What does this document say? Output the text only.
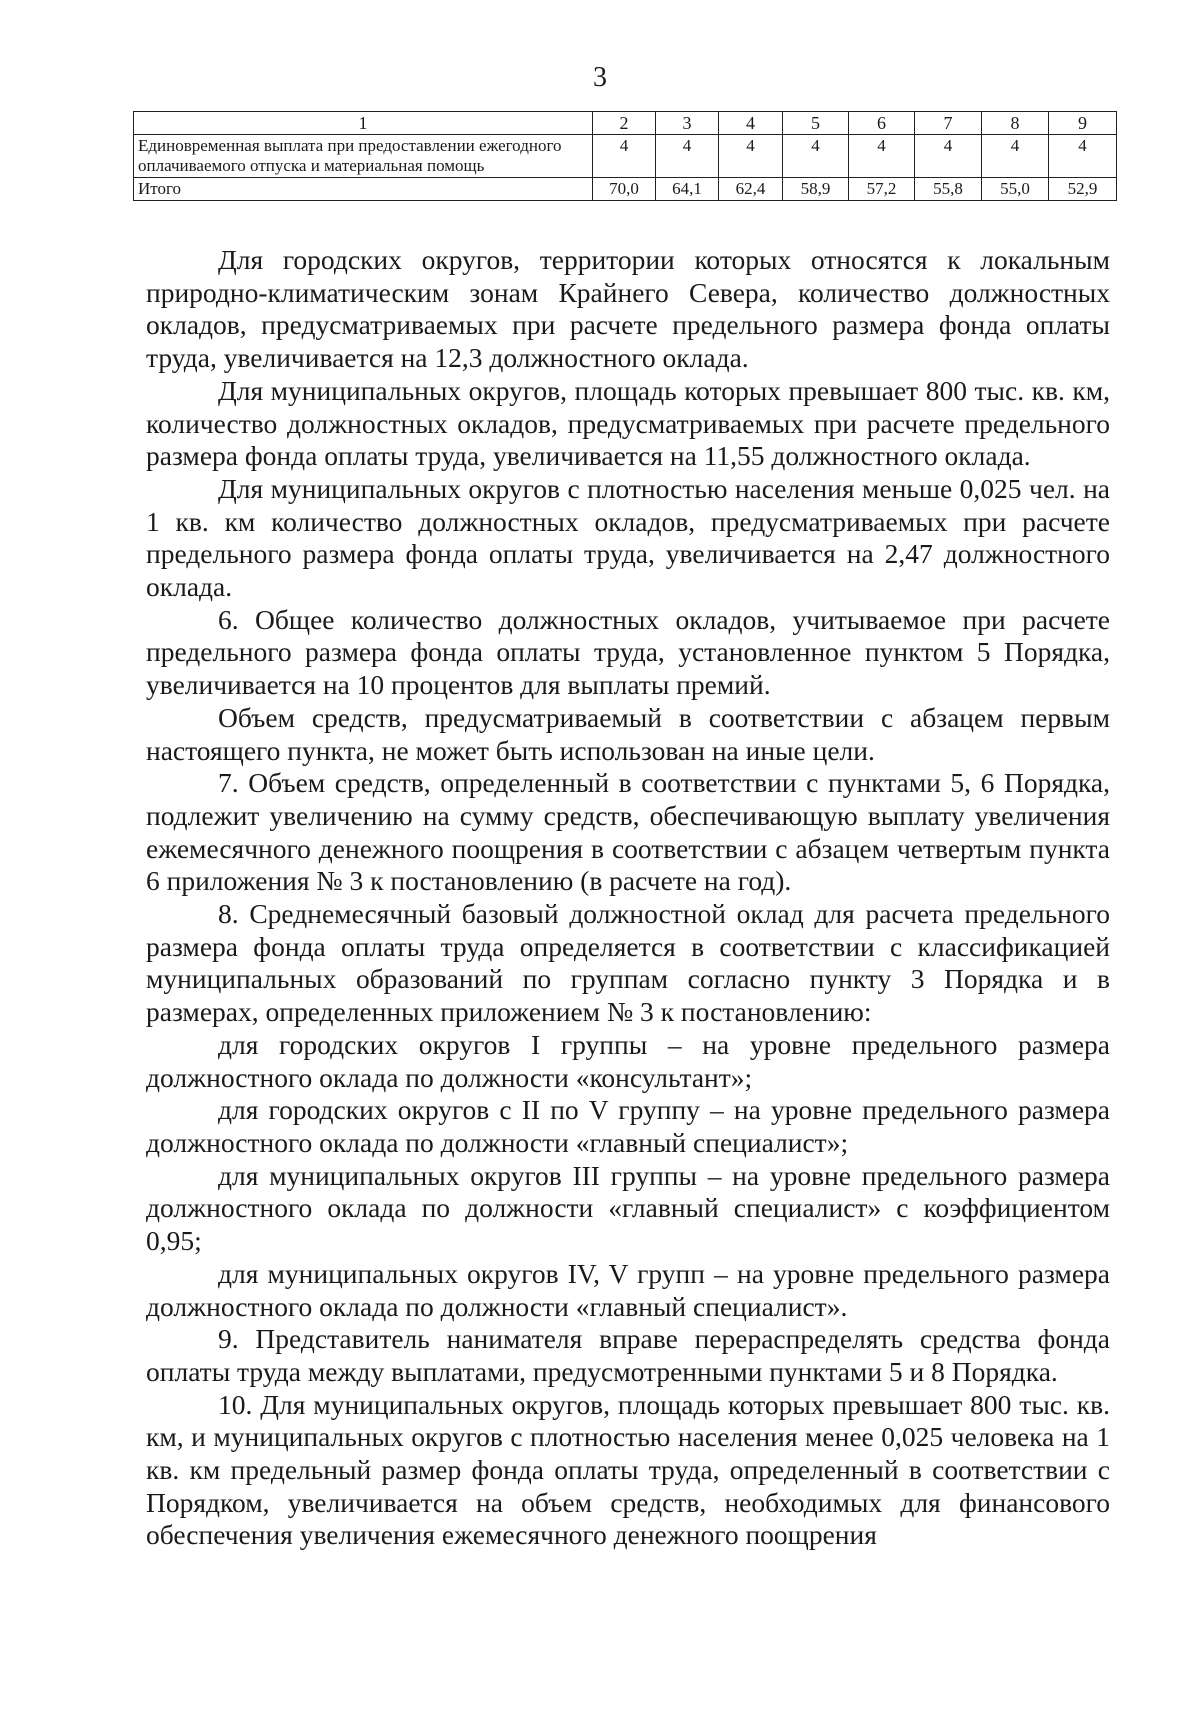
3
1	2	3	4	5	6	7	8	9
Единовременная выплата при предоставлении ежегодного оплачиваемого отпуска и материальная помощь	4	4	4	4	4	4	4	4
Итого	70,0	64,1	62,4	58,9	57,2	55,8	55,0	52,9

Для городских округов, территории которых относятся к локальным природно-климатическим зонам Крайнего Севера, количество должностных окладов, предусматриваемых при расчете предельного размера фонда оплаты труда, увеличивается на 12,3 должностного оклада.

Для муниципальных округов, площадь которых превышает 800 тыс. кв. км, количество должностных окладов, предусматриваемых при расчете предельного размера фонда оплаты труда, увеличивается на 11,55 должностного оклада.

Для муниципальных округов с плотностью населения меньше 0,025 чел. на 1 кв. км количество должностных окладов, предусматриваемых при расчете предельного размера фонда оплаты труда, увеличивается на 2,47 должностного оклада.

6. Общее количество должностных окладов, учитываемое при расчете предельного размера фонда оплаты труда, установленное пунктом 5 Порядка, увеличивается на 10 процентов для выплаты премий.

Объем средств, предусматриваемый в соответствии с абзацем первым настоящего пункта, не может быть использован на иные цели.

7. Объем средств, определенный в соответствии с пунктами 5, 6 Порядка, подлежит увеличению на сумму средств, обеспечивающую выплату увеличения ежемесячного денежного поощрения в соответствии с абзацем четвертым пункта 6 приложения № 3 к постановлению (в расчете на год).

8. Среднемесячный базовый должностной оклад для расчета предельного размера фонда оплаты труда определяется в соответствии с классификацией муниципальных образований по группам согласно пункту 3 Порядка и в размерах, определенных приложением № 3 к постановлению:

для городских округов I группы – на уровне предельного размера должностного оклада по должности «консультант»;

для городских округов с II по V группу – на уровне предельного размера должностного оклада по должности «главный специалист»;

для муниципальных округов III группы – на уровне предельного размера должностного оклада по должности «главный специалист» с коэффициентом 0,95;

для муниципальных округов IV, V групп – на уровне предельного размера должностного оклада по должности «главный специалист».

9. Представитель нанимателя вправе перераспределять средства фонда оплаты труда между выплатами, предусмотренными пунктами 5 и 8 Порядка.

10. Для муниципальных округов, площадь которых превышает 800 тыс. кв. км, и муниципальных округов с плотностью населения менее 0,025 человека на 1 кв. км предельный размер фонда оплаты труда, определенный в соответствии с Порядком, увеличивается на объем средств, необходимых для финансового обеспечения увеличения ежемесячного денежного поощрения
